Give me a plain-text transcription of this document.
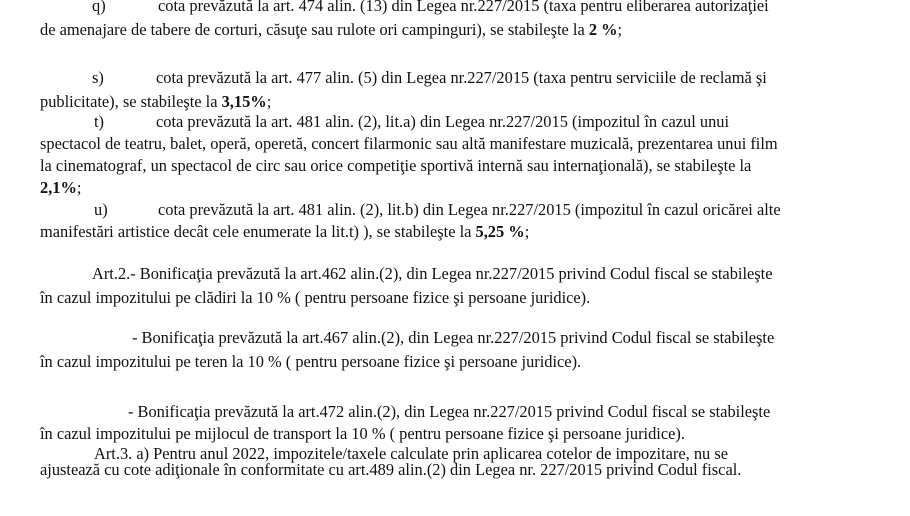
q)	cota prevăzută la art. 474 alin. (13) din Legea nr.227/2015 (taxa pentru eliberarea autorizaţiei
de amenajare de tabere de corturi, căsuţe sau rulote ori campinguri), se stabileşte la 2 %;
s)	cota prevăzută la art. 477 alin. (5) din Legea nr.227/2015 (taxa pentru serviciile de reclamă şi
publicitate), se stabileşte la 3,15%;
t)	cota prevăzută la art. 481 alin. (2), lit.a) din Legea nr.227/2015 (impozitul în cazul unui
spectacol de teatru, balet, operă, operetă, concert filarmonic sau altă manifestare muzicală, prezentarea unui film
la cinematograf, un spectacol de circ sau orice competiţie sportivă internă sau internaţională), se stabileşte la
2,1%;
u)	cota prevăzută la art. 481 alin. (2), lit.b) din Legea nr.227/2015 (impozitul în cazul oricărei alte
manifestări artistice decât cele enumerate la lit.t) ), se stabileşte la 5,25 %;
Art.2.- Bonificaţia prevăzută la art.462 alin.(2), din Legea nr.227/2015 privind Codul fiscal se stabileşte
în cazul impozitului pe clădiri la 10 % ( pentru persoane fizice şi persoane juridice).
- Bonificaţia prevăzută la art.467 alin.(2), din Legea nr.227/2015 privind Codul fiscal se stabileşte
în cazul impozitului pe teren la 10 % ( pentru persoane fizice şi persoane juridice).
- Bonificaţia prevăzută la art.472 alin.(2), din Legea nr.227/2015 privind Codul fiscal se stabileşte
în cazul impozitului pe mijlocul de transport la 10 % ( pentru persoane fizice şi persoane juridice).
Art.3. a) Pentru anul 2022, impozitele/taxele calculate prin aplicarea cotelor de impozitare, nu se
ajustează cu cote adiţionale în conformitate cu art.489 alin.(2) din Legea nr. 227/2015 privind Codul fiscal.
